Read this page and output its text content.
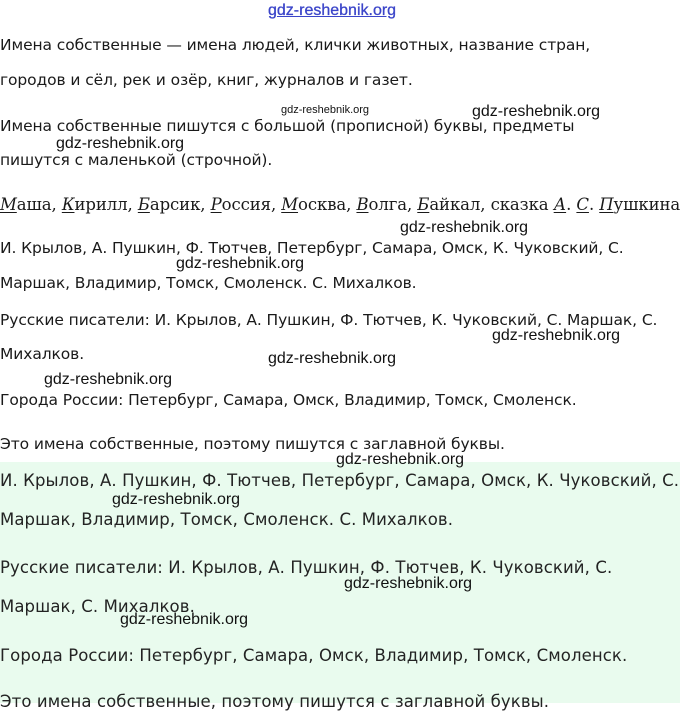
gdz-reshebnik.org
Имена собственные — имена людей, клички животных, название стран,
городов и сёл, рек и озёр, книг, журналов и газет.
Имена собственные пишутся с большой (прописной) буквы, предметы
пишутся с маленькой (строчной).
Маша, Кирилл, Барсик, Россия, Москва, Волга, Байкал, сказка А. С. Пушкина
И. Крылов, А. Пушкин, Ф. Тютчев, Петербург, Самара, Омск, К. Чуковский, С.
Маршак, Владимир, Томск, Смоленск. С. Михалков.
Русские писатели: И. Крылов, А. Пушкин, Ф. Тютчев, К. Чуковский, С. Маршак, С.
Михалков.
Города России: Петербург, Самара, Омск, Владимир, Томск, Смоленск.
Это имена собственные, поэтому пишутся с заглавной буквы.
И. Крылов, А. Пушкин, Ф. Тютчев, Петербург, Самара, Омск, К. Чуковский, С.
Маршак, Владимир, Томск, Смоленск. С. Михалков.
Русские писатели: И. Крылов, А. Пушкин, Ф. Тютчев, К. Чуковский, С.
Маршак, С. Михалков.
Города России: Петербург, Самара, Омск, Владимир, Томск, Смоленск.
Это имена собственные, поэтому пишутся с заглавной буквы.
gdz-reshebnik.org	gdz-reshebnik.org
gdz-reshebnik.org
gdz-reshebnik.org
gdz-reshebnik.org
gdz-reshebnik.org
gdz-reshebnik.org
gdz-reshebnik.org
gdz-reshebnik.org
gdz-reshebnik.org
gdz-reshebnik.org
gdz-reshebnik.org
